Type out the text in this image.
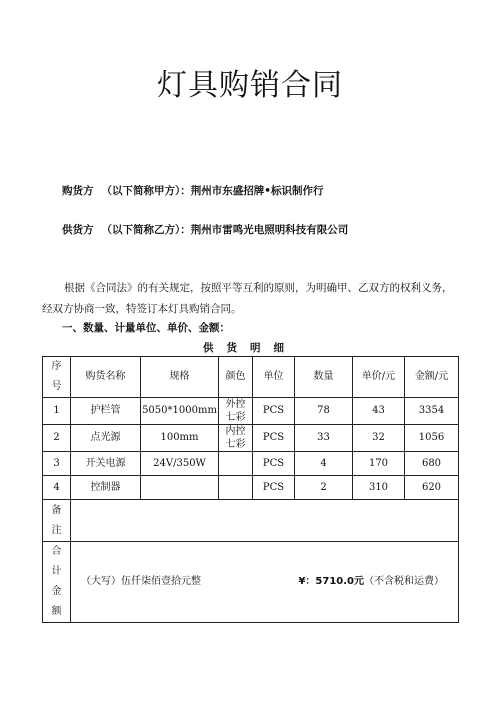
灯具购销合同
购货方 （以下简称甲方）：荆州市东盛招牌•标识制作行
供货方 （以下简称乙方）：荆州市雷鸣光电照明科技有限公司
根据《合同法》的有关规定，按照平等互利的原则，为明确甲、乙双方的权利义务，经双方协商一致，特签订本灯具购销合同。
一、数量、计量单位、单价、金额：
供货明细
序号	购货名称	规格	颜色	单位	数量	单价/元	金额/元
1	护栏管	5050*1000mm	外控七彩	PCS	78	43	3354
2	点光源	100mm	内控七彩	PCS	33	32	1056
3	开关电源	24V/350W		PCS	4	170	680
4	控制器			PCS	2	310	620

备注							

合计金额	（大写）伍仟柒佰壹拾元整 ¥：5710.0元（不含税和运费）						
